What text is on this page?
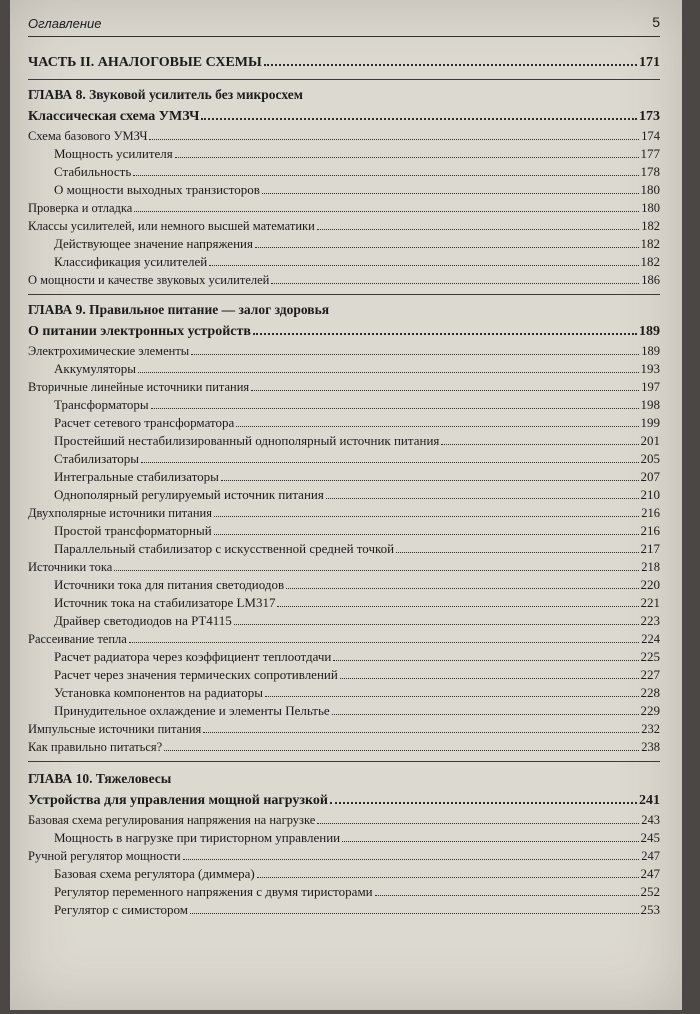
Оглавление	5
ЧАСТЬ II. АНАЛОГОВЫЕ СХЕМЫ	171
ГЛАВА 8. Звуковой усилитель без микросхем
Классическая схема УМЗЧ	173
Схема базового УМЗЧ	174
Мощность усилителя	177
Стабильность	178
О мощности выходных транзисторов	180
Проверка и отладка	180
Классы усилителей, или немного высшей математики	182
Действующее значение напряжения	182
Классификация усилителей	182
О мощности и качестве звуковых усилителей	186
ГЛАВА 9. Правильное питание — залог здоровья
О питании электронных устройств	189
Электрохимические элементы	189
Аккумуляторы	193
Вторичные линейные источники питания	197
Трансформаторы	198
Расчет сетевого трансформатора	199
Простейший нестабилизированный однополярный источник питания	201
Стабилизаторы	205
Интегральные стабилизаторы	207
Однополярный регулируемый источник питания	210
Двухполярные источники питания	216
Простой трансформаторный	216
Параллельный стабилизатор с искусственной средней точкой	217
Источники тока	218
Источники тока для питания светодиодов	220
Источник тока на стабилизаторе LM317	221
Драйвер светодиодов на PT4115	223
Рассеивание тепла	224
Расчет радиатора через коэффициент теплоотдачи	225
Расчет через значения термических сопротивлений	227
Установка компонентов на радиаторы	228
Принудительное охлаждение и элементы Пельтье	229
Импульсные источники питания	232
Как правильно питаться?	238
ГЛАВА 10. Тяжеловесы
Устройства для управления мощной нагрузкой	241
Базовая схема регулирования напряжения на нагрузке	243
Мощность в нагрузке при тиристорном управлении	245
Ручной регулятор мощности	247
Базовая схема регулятора (диммера)	247
Регулятор переменного напряжения с двумя тиристорами	252
Регулятор с симистором	253
